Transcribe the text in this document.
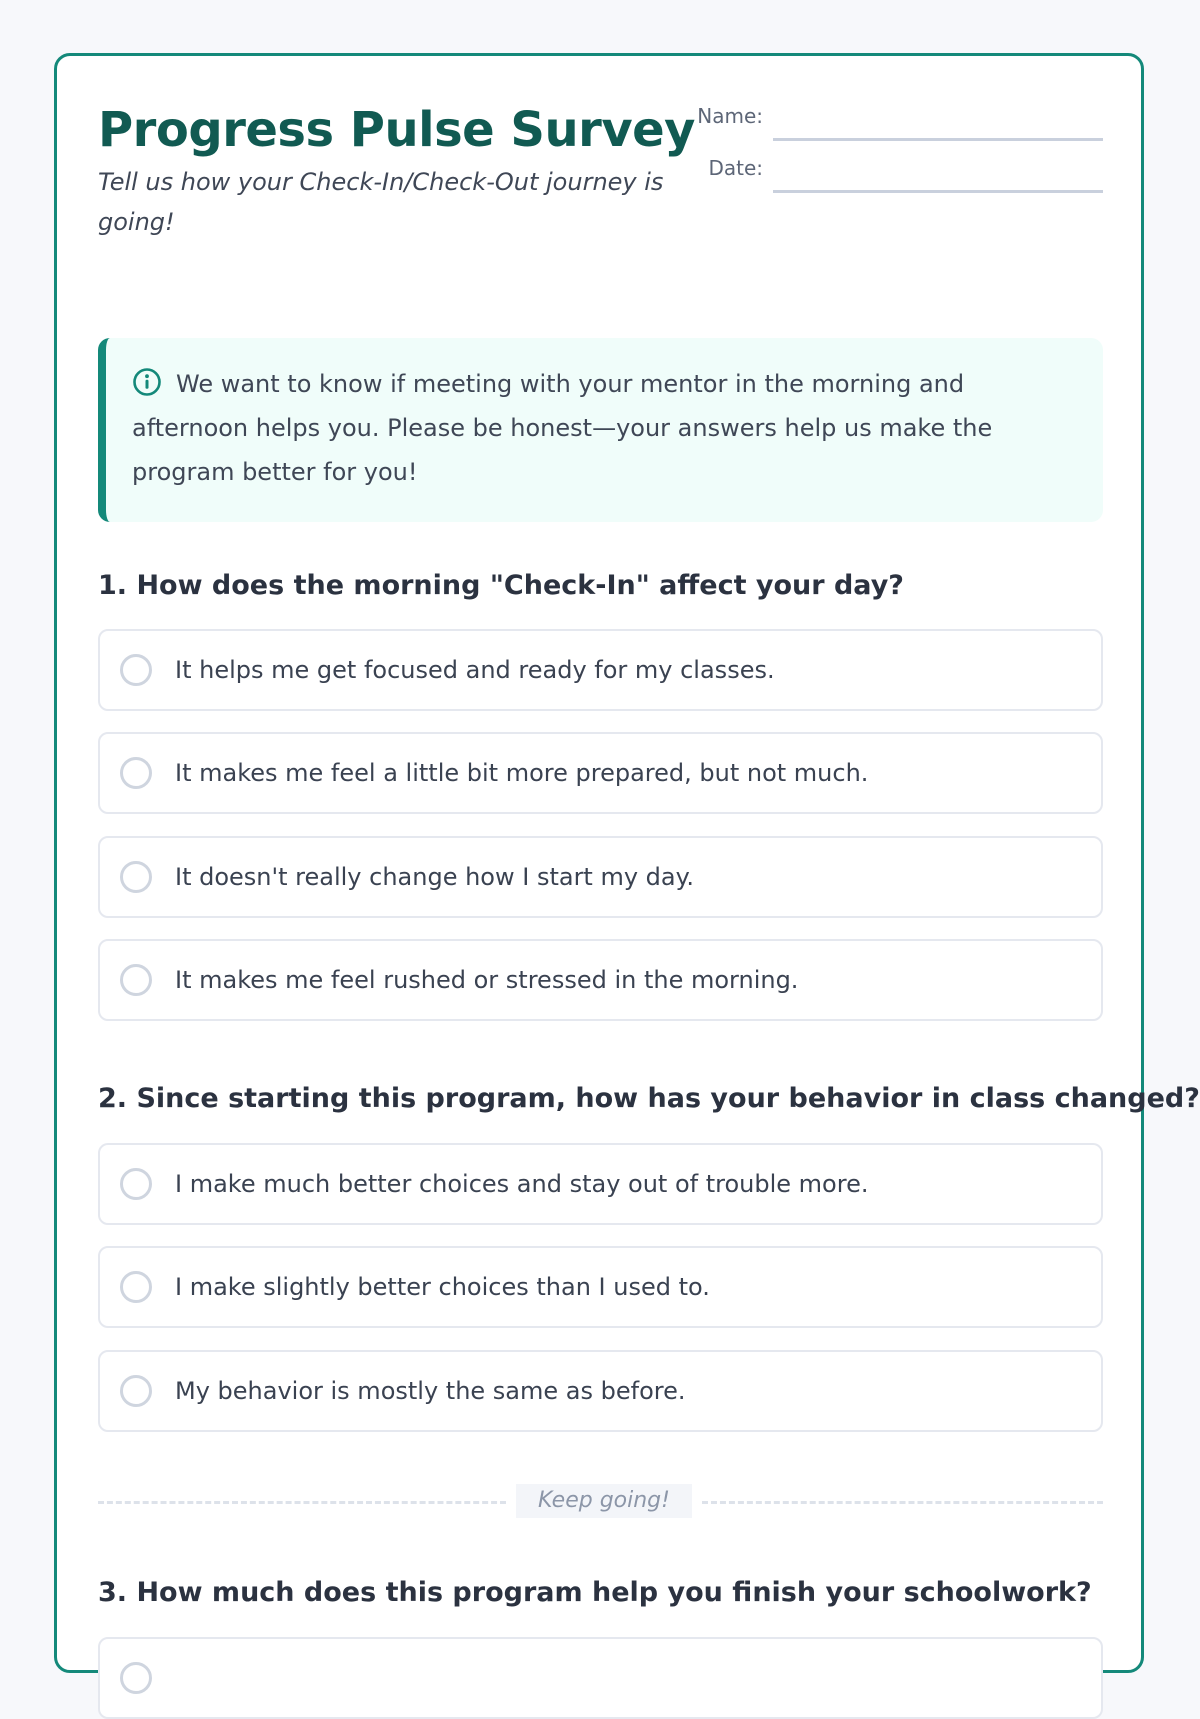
Progress Pulse Survey

Tell us how your Check-In/Check-Out journey is going!

Name:
Date:
We want to know if meeting with your mentor in the morning and afternoon helps you. Please be honest—your answers help us make the program better for you!
1. How does the morning "Check-In" affect your day?
It helps me get focused and ready for my classes.
It makes me feel a little bit more prepared, but not much.
It doesn't really change how I start my day.
It makes me feel rushed or stressed in the morning.
2. Since starting this program, how has your behavior in class changed?
I make much better choices and stay out of trouble more.
I make slightly better choices than I used to.
My behavior is mostly the same as before.
Keep going!
3. How much does this program help you finish your schoolwork?
